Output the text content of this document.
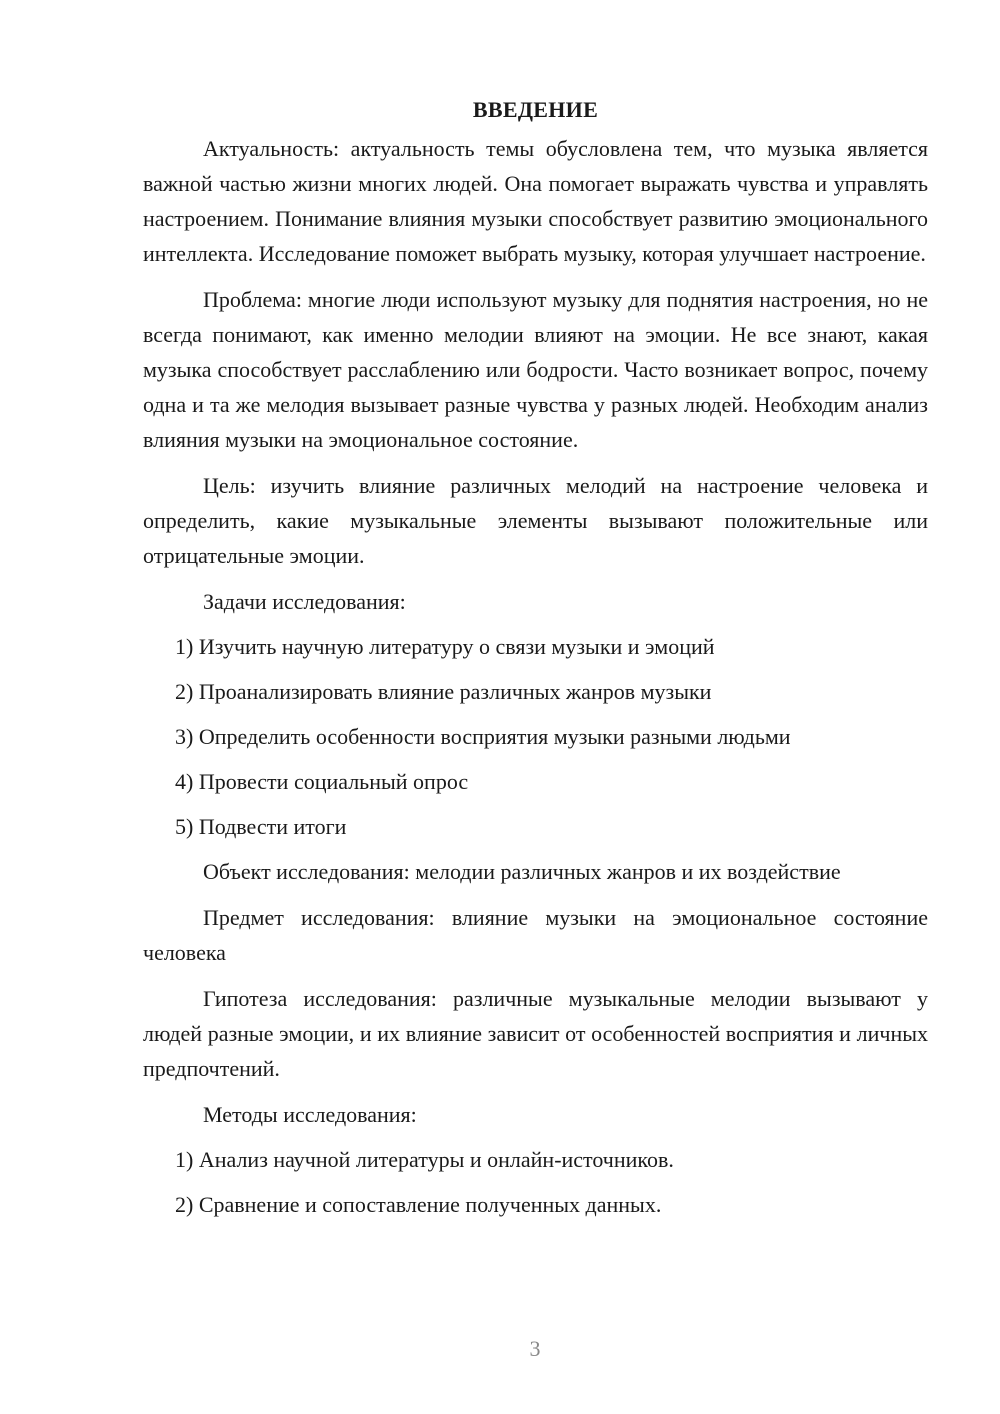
ВВЕДЕНИЕ

Актуальность: актуальность темы обусловлена тем, что музыка является важной частью жизни многих людей. Она помогает выражать чувства и управлять настроением. Понимание влияния музыки способствует развитию эмоционального интеллекта. Исследование поможет выбрать музыку, которая улучшает настроение.

Проблема: многие люди используют музыку для поднятия настроения, но не всегда понимают, как именно мелодии влияют на эмоции. Не все знают, какая музыка способствует расслаблению или бодрости. Часто возникает вопрос, почему одна и та же мелодия вызывает разные чувства у разных людей. Необходим анализ влияния музыки на эмоциональное состояние.

Цель: изучить влияние различных мелодий на настроение человека и определить, какие музыкальные элементы вызывают положительные или отрицательные эмоции.

Задачи исследования:
1) Изучить научную литературу о связи музыки и эмоций
2) Проанализировать влияние различных жанров музыки
3) Определить особенности восприятия музыки разными людьми
4) Провести социальный опрос
5) Подвести итоги

Объект исследования: мелодии различных жанров и их воздействие

Предмет исследования: влияние музыки на эмоциональное состояние человека

Гипотеза исследования: различные музыкальные мелодии вызывают у людей разные эмоции, и их влияние зависит от особенностей восприятия и личных предпочтений.

Методы исследования:
1) Анализ научной литературы и онлайн-источников.
2) Сравнение и сопоставление полученных данных.
3
